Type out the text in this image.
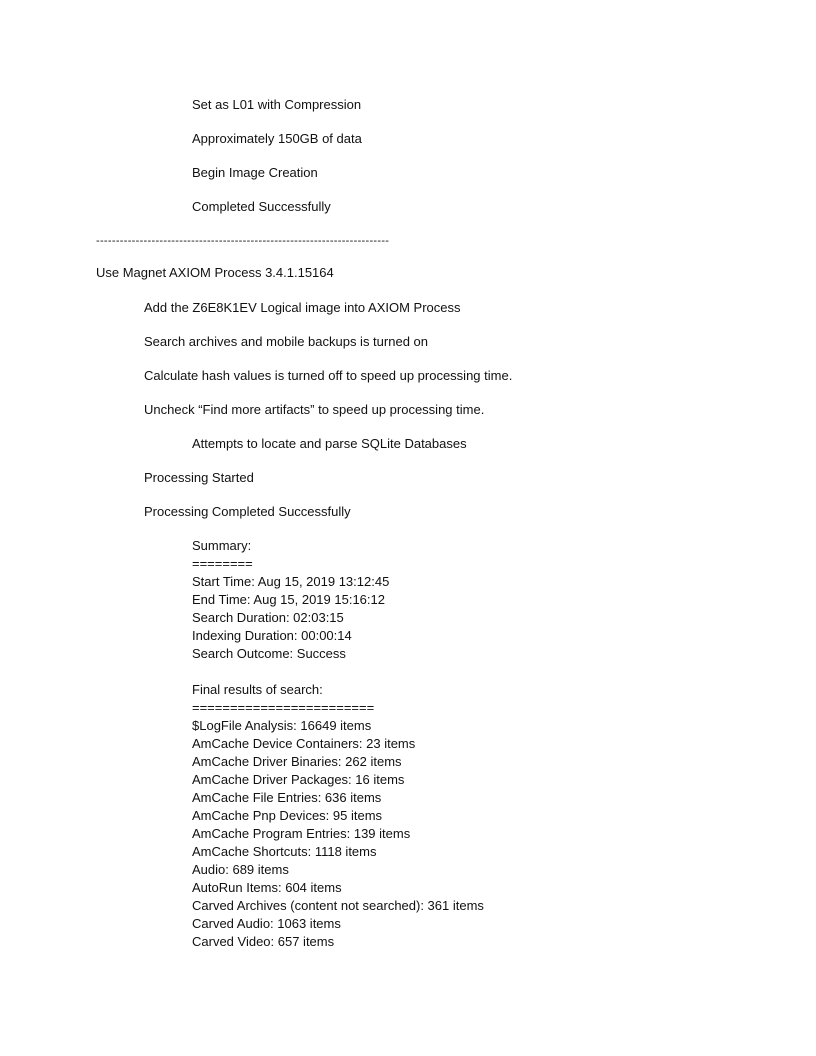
Set as L01 with Compression
Approximately 150GB of data
Begin Image Creation
Completed Successfully
--------------------------------------------------------------------------
Use Magnet AXIOM Process 3.4.1.15164
Add the Z6E8K1EV Logical image into AXIOM Process
Search archives and mobile backups is turned on
Calculate hash values is turned off to speed up processing time.
Uncheck “Find more artifacts” to speed up processing time.
Attempts to locate and parse SQLite Databases
Processing Started
Processing Completed Successfully
Summary:
========
Start Time: Aug 15, 2019 13:12:45
End Time: Aug 15, 2019 15:16:12
Search Duration: 02:03:15
Indexing Duration: 00:00:14
Search Outcome: Success
Final results of search:
========================
$LogFile Analysis: 16649 items
AmCache Device Containers: 23 items
AmCache Driver Binaries: 262 items
AmCache Driver Packages: 16 items
AmCache File Entries: 636 items
AmCache Pnp Devices: 95 items
AmCache Program Entries: 139 items
AmCache Shortcuts: 1118 items
Audio: 689 items
AutoRun Items: 604 items
Carved Archives (content not searched): 361 items
Carved Audio: 1063 items
Carved Video: 657 items
